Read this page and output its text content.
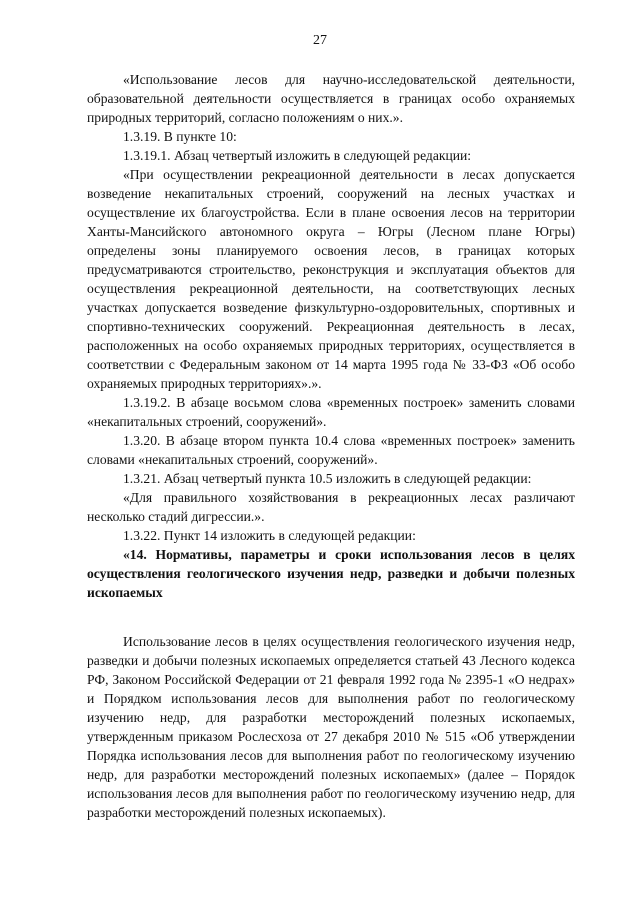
27

«Использование лесов для научно-исследовательской деятельности, образовательной деятельности осуществляется в границах особо охраняемых природных территорий, согласно положениям о них.».

1.3.19. В пункте 10:

1.3.19.1. Абзац четвертый изложить в следующей редакции:

«При осуществлении рекреационной деятельности в лесах допускается возведение некапитальных строений, сооружений на лесных участках и осуществление их благоустройства. Если в плане освоения лесов на территории Ханты-Мансийского автономного округа – Югры (Лесном плане Югры) определены зоны планируемого освоения лесов, в границах которых предусматриваются строительство, реконструкция и эксплуатация объектов для осуществления рекреационной деятельности, на соответствующих лесных участках допускается возведение физкультурно-оздоровительных, спортивных и спортивно-технических сооружений. Рекреационная деятельность в лесах, расположенных на особо охраняемых природных территориях, осуществляется в соответствии с Федеральным законом от 14 марта 1995 года № 33-ФЗ «Об особо охраняемых природных территориях».».

1.3.19.2. В абзаце восьмом слова «временных построек» заменить словами «некапитальных строений, сооружений».

1.3.20. В абзаце втором пункта 10.4 слова «временных построек» заменить словами «некапитальных строений, сооружений».

1.3.21. Абзац четвертый пункта 10.5 изложить в следующей редакции:

«Для правильного хозяйствования в рекреационных лесах различают несколько стадий дигрессии.».

1.3.22. Пункт 14 изложить в следующей редакции:

«14. Нормативы, параметры и сроки использования лесов в целях осуществления геологического изучения недр, разведки и добычи полезных ископаемых

Использование лесов в целях осуществления геологического изучения недр, разведки и добычи полезных ископаемых определяется статьей 43 Лесного кодекса РФ, Законом Российской Федерации от 21 февраля 1992 года № 2395-1 «О недрах» и Порядком использования лесов для выполнения работ по геологическому изучению недр, для разработки месторождений полезных ископаемых, утвержденным приказом Рослесхоза от 27 декабря 2010 № 515 «Об утверждении Порядка использования лесов для выполнения работ по геологическому изучению недр, для разработки месторождений полезных ископаемых» (далее – Порядок использования лесов для выполнения работ по геологическому изучению недр, для разработки месторождений полезных ископаемых).
